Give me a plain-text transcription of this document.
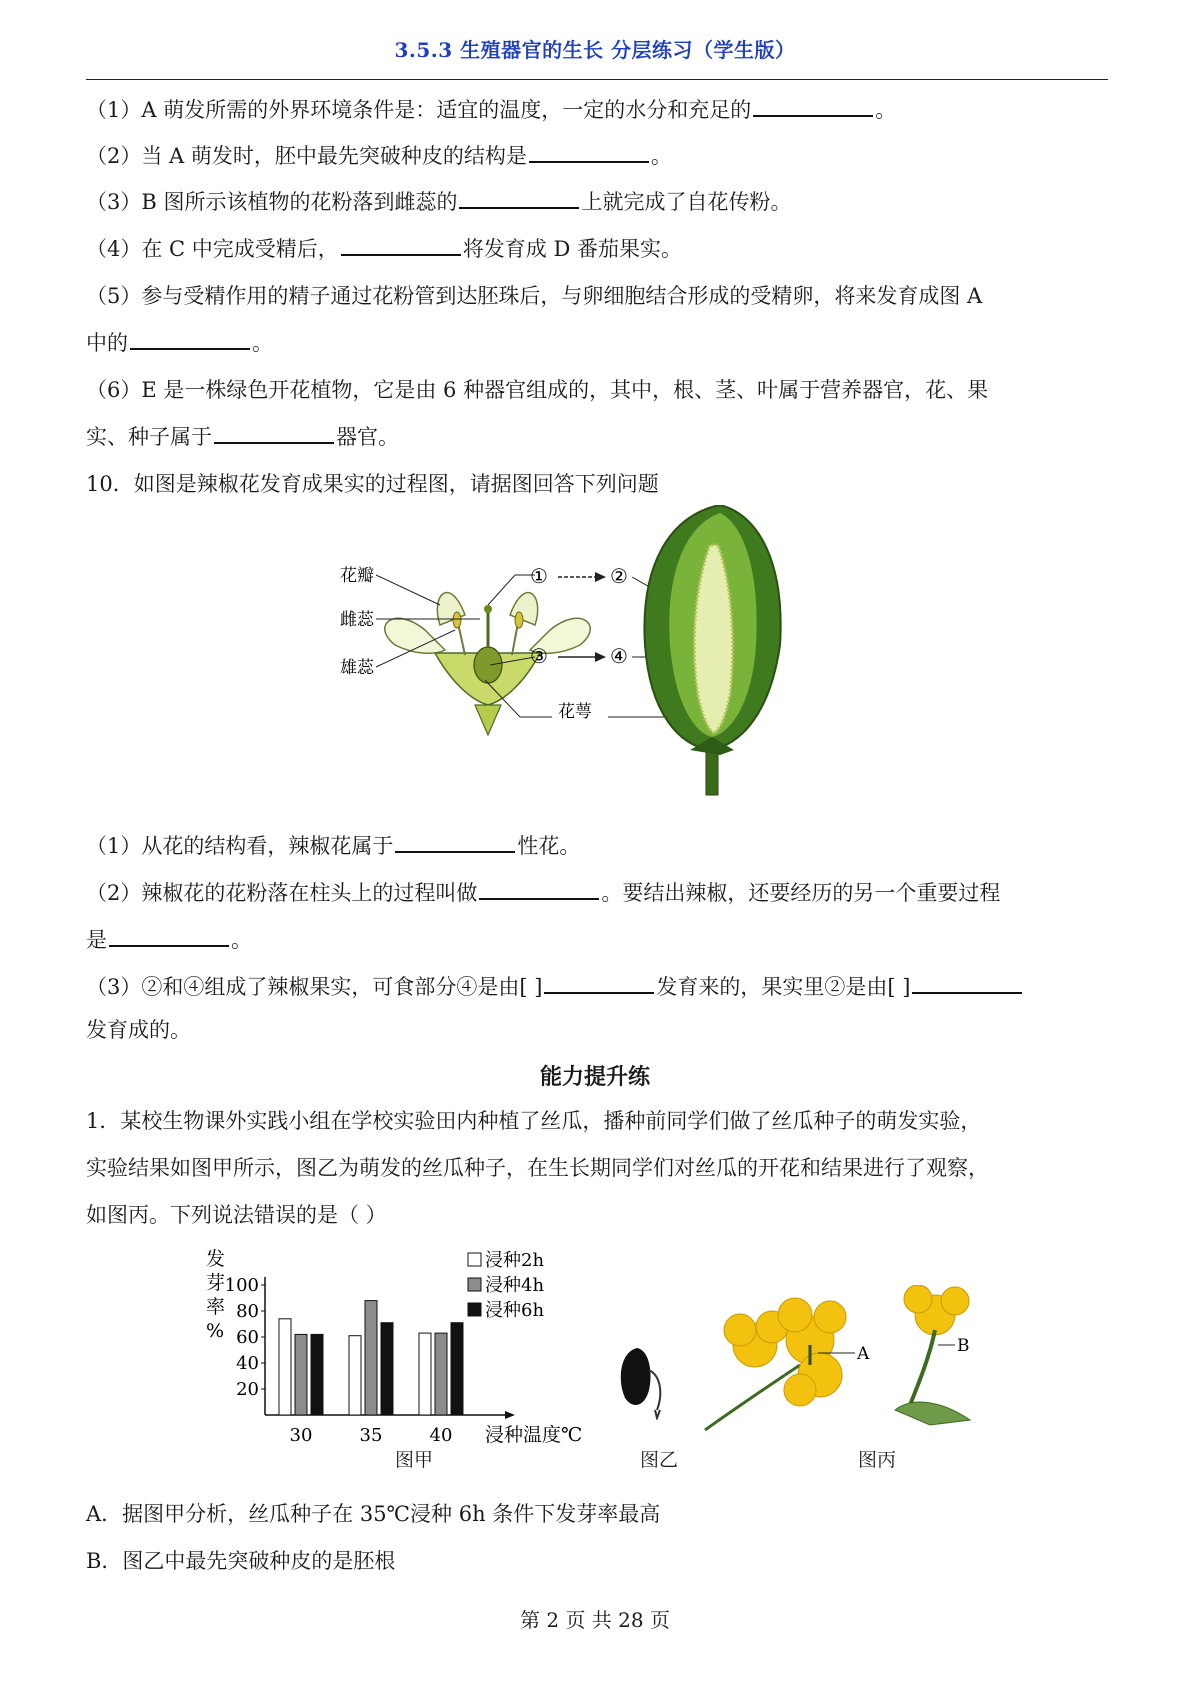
3.5.3 生殖器官的生长 分层练习（学生版）
（1）A 萌发所需的外界环境条件是：适宜的温度，一定的水分和充足的	。
（2）当 A 萌发时，胚中最先突破种皮的结构是	。
（3）B 图所示该植物的花粉落到雌蕊的	上就完成了自花传粉。
（4）在 C 中完成受精后，	将发育成 D 番茄果实。
（5）参与受精作用的精子通过花粉管到达胚珠后，与卵细胞结合形成的受精卵，将来发育成图 A
中的	。
（6）E 是一株绿色开花植物，它是由 6 种器官组成的，其中，根、茎、叶属于营养器官，花、果
实、种子属于	器官。
10．如图是辣椒花发育成果实的过程图，请据图回答下列问题
花瓣
雌蕊
雄蕊
①	②
③	④
花萼
（1）从花的结构看，辣椒花属于	性花。
（2）辣椒花的花粉落在柱头上的过程叫做	。要结出辣椒，还要经历的另一个重要过程
是	。
（3）②和④组成了辣椒果实，可食部分④是由[ ]	发育来的，果实里②是由[ ]
发育成的。
能力提升练
1．某校生物课外实践小组在学校实验田内种植了丝瓜，播种前同学们做了丝瓜种子的萌发实验，
实验结果如图甲所示，图乙为萌发的丝瓜种子，在生长期同学们对丝瓜的开花和结果进行了观察，
如图丙。下列说法错误的是（ ）
发
芽
率
%
20
40
60
80
100
30	35	40
浸种2h
浸种4h
浸种6h
浸种温度℃
图甲	图乙
A	B
图丙
A．据图甲分析，丝瓜种子在 35℃浸种 6h 条件下发芽率最高
B．图乙中最先突破种皮的是胚根
第 2 页 共 28 页
